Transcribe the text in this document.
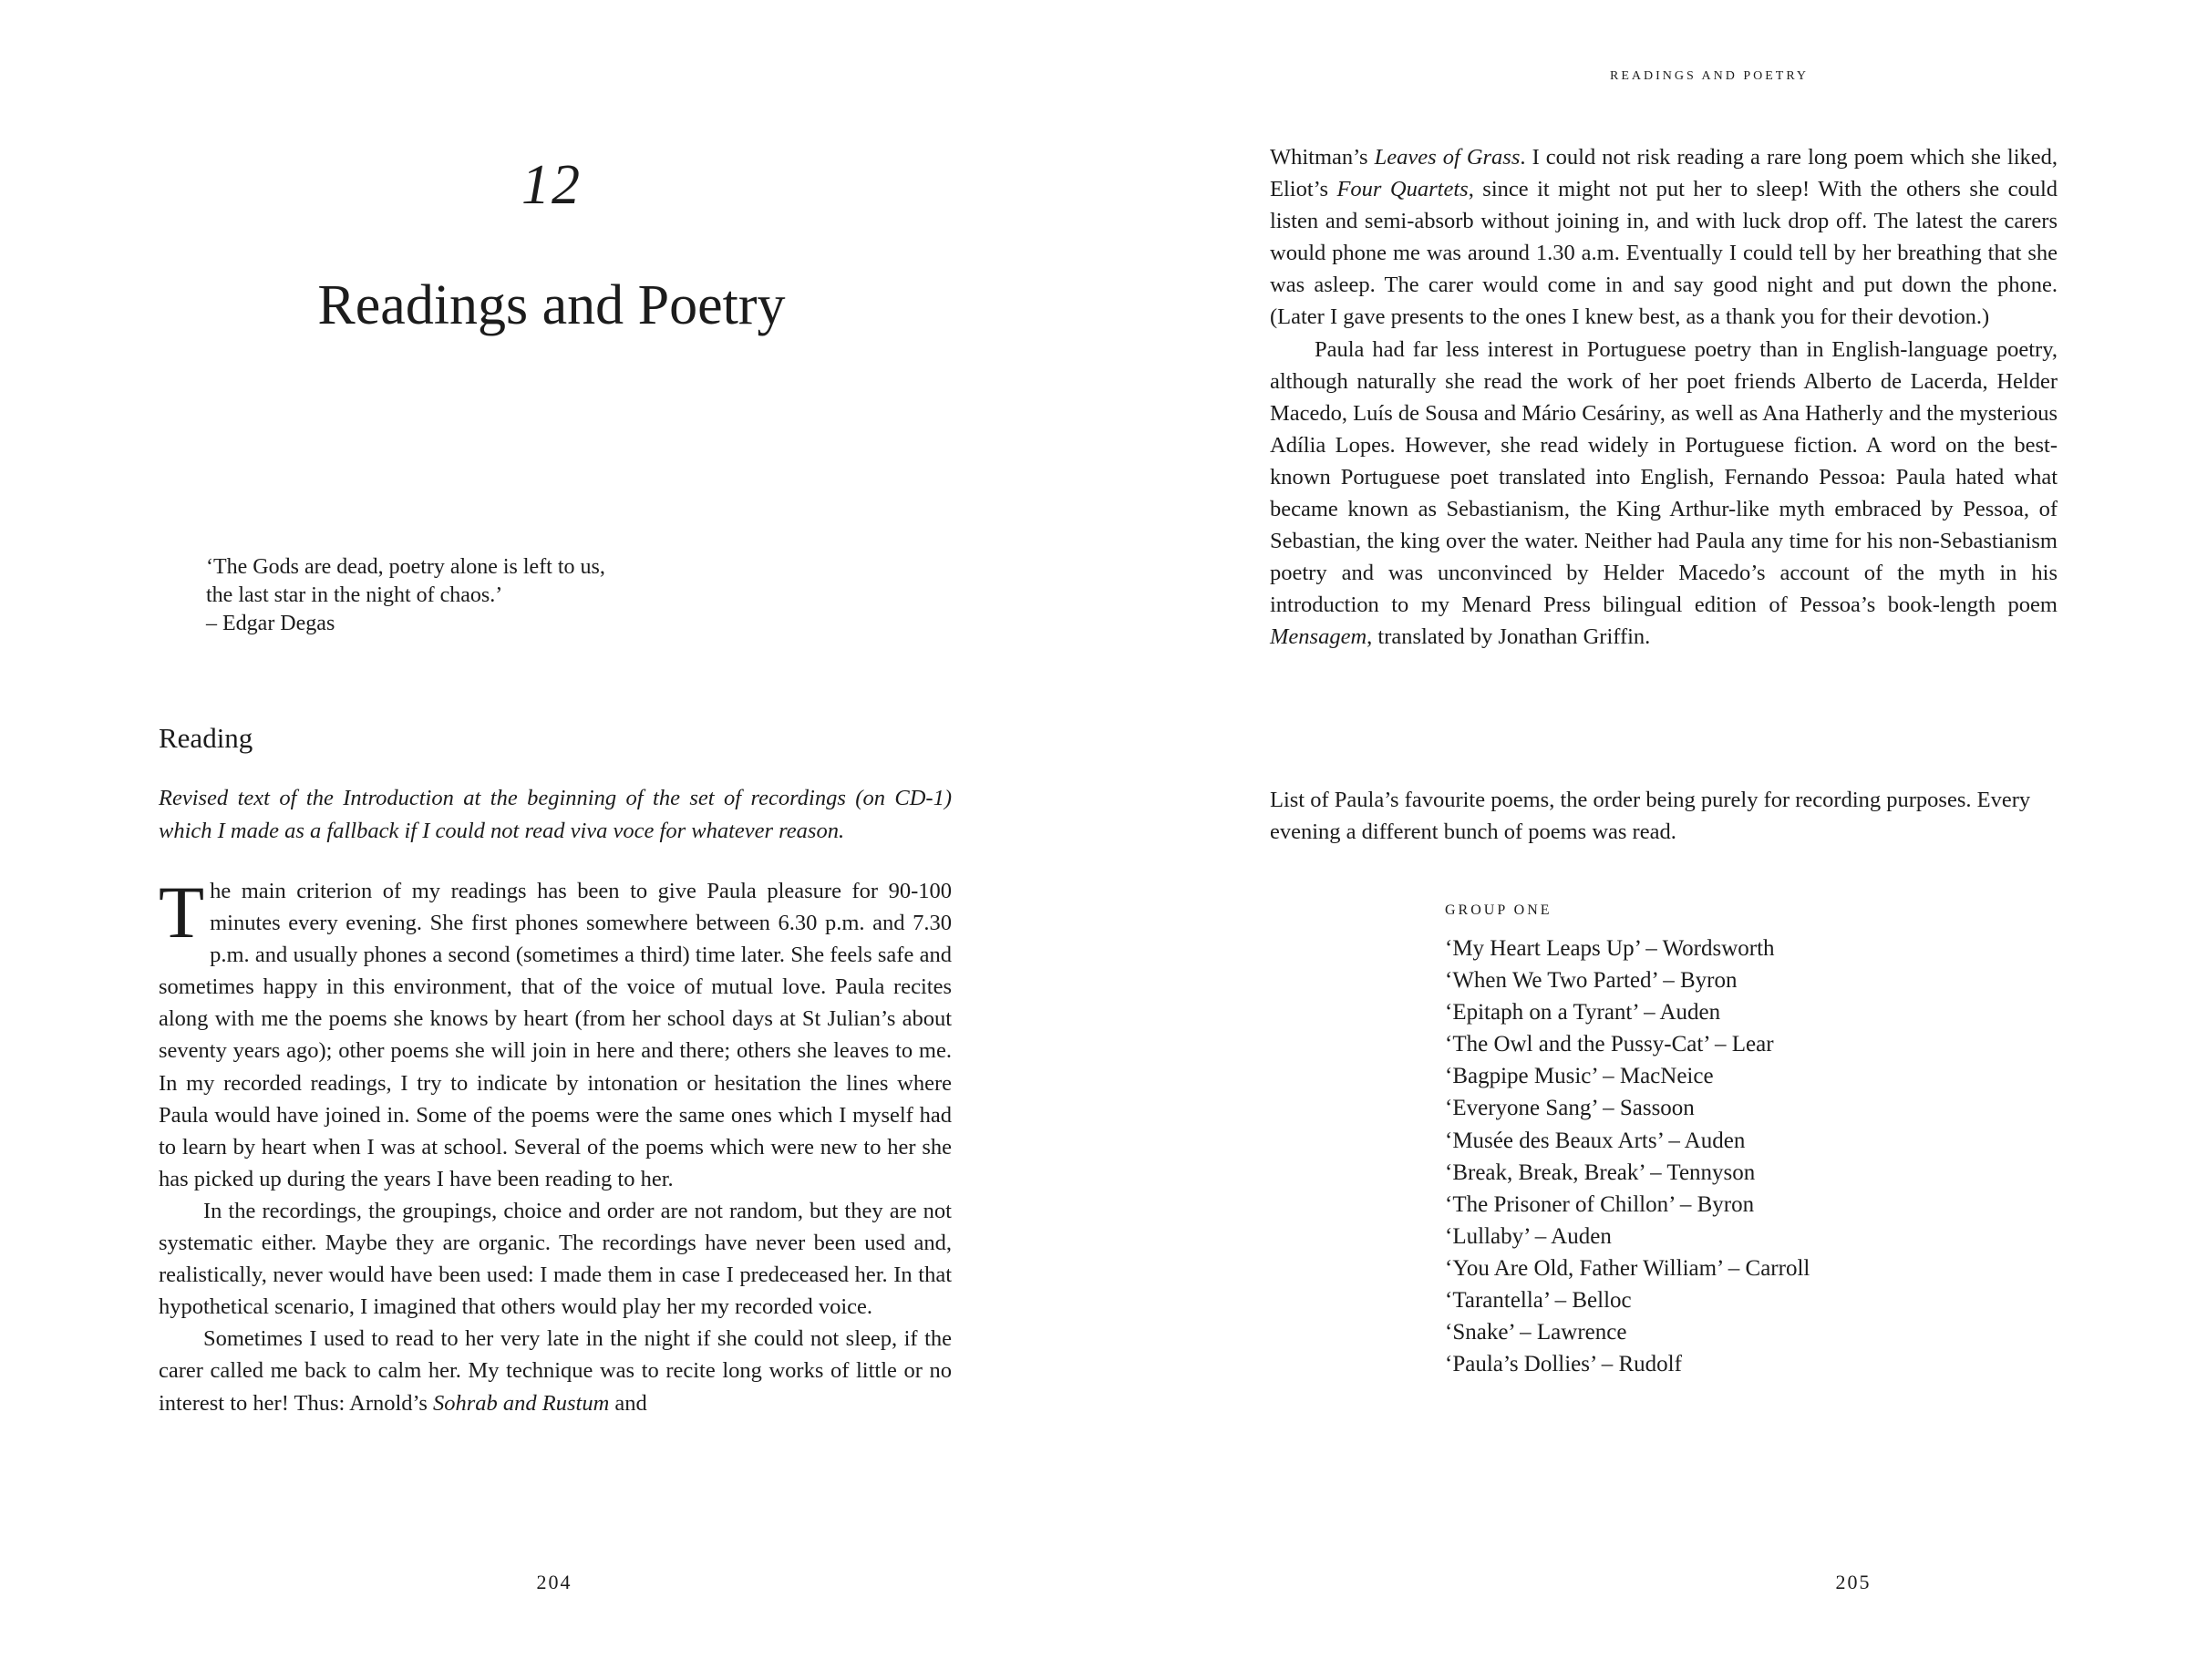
12
Readings and Poetry
‘The Gods are dead, poetry alone is left to us,
the last star in the night of chaos.’
– Edgar Degas
Reading
Revised text of the Introduction at the beginning of the set of recordings (on CD-1) which I made as a fallback if I could not read viva voce for whatever reason.

The main criterion of my readings has been to give Paula pleasure for 90-100 minutes every evening. She first phones somewhere between 6.30 p.m. and 7.30 p.m. and usually phones a second (sometimes a third) time later. She feels safe and sometimes happy in this environment, that of the voice of mutual love. Paula recites along with me the poems she knows by heart (from her school days at St Julian’s about seventy years ago); other poems she will join in here and there; others she leaves to me. In my recorded readings, I try to indicate by intonation or hesitation the lines where Paula would have joined in. Some of the poems were the same ones which I myself had to learn by heart when I was at school. Several of the poems which were new to her she has picked up during the years I have been reading to her.

In the recordings, the groupings, choice and order are not random, but they are not systematic either. Maybe they are organic. The recordings have never been used and, realistically, never would have been used: I made them in case I predeceased her. In that hypothetical scenario, I imagined that others would play her my recorded voice.

Sometimes I used to read to her very late in the night if she could not sleep, if the carer called me back to calm her. My technique was to recite long works of little or no interest to her! Thus: Arnold’s Sohrab and Rustum and

204
READINGS AND POETRY

Whitman’s Leaves of Grass. I could not risk reading a rare long poem which she liked, Eliot’s Four Quartets, since it might not put her to sleep! With the others she could listen and semi-absorb without joining in, and with luck drop off. The latest the carers would phone me was around 1.30 a.m. Eventually I could tell by her breathing that she was asleep. The carer would come in and say good night and put down the phone. (Later I gave presents to the ones I knew best, as a thank you for their devotion.)

Paula had far less interest in Portuguese poetry than in English-language poetry, although naturally she read the work of her poet friends Alberto de Lacerda, Helder Macedo, Luís de Sousa and Mário Cesáriny, as well as Ana Hatherly and the mysterious Adília Lopes. However, she read widely in Portuguese fiction. A word on the best-known Portuguese poet translated into English, Fernando Pessoa: Paula hated what became known as Sebastianism, the King Arthur-like myth embraced by Pessoa, of Sebastian, the king over the water. Neither had Paula any time for his non-Sebastianism poetry and was unconvinced by Helder Macedo’s account of the myth in his introduction to my Menard Press bilingual edition of Pessoa’s book-length poem Mensagem, translated by Jonathan Griffin.

List of Paula’s favourite poems, the order being purely for recording purposes. Every evening a different bunch of poems was read.
GROUP ONE
‘My Heart Leaps Up’ – Wordsworth
‘When We Two Parted’ – Byron
‘Epitaph on a Tyrant’ – Auden
‘The Owl and the Pussy-Cat’ – Lear
‘Bagpipe Music’ – MacNeice
‘Everyone Sang’ – Sassoon
‘Musée des Beaux Arts’ – Auden
‘Break, Break, Break’ – Tennyson
‘The Prisoner of Chillon’ – Byron
‘Lullaby’ – Auden
‘You Are Old, Father William’ – Carroll
‘Tarantella’ – Belloc
‘Snake’ – Lawrence
‘Paula’s Dollies’ – Rudolf
205
